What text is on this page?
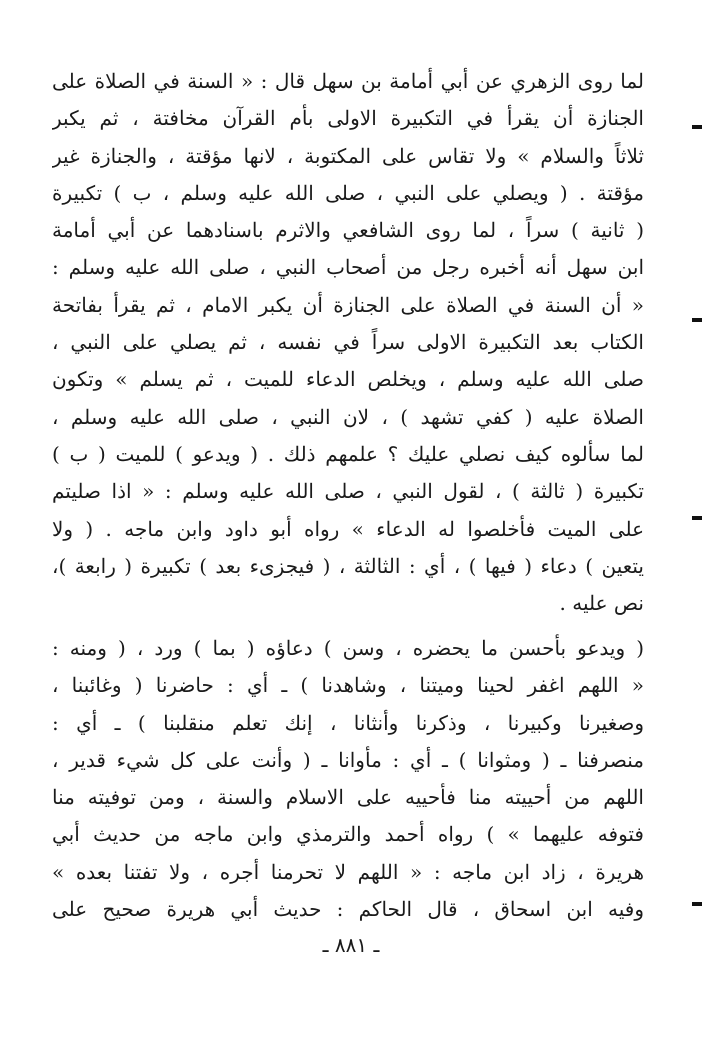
لما روى الزهري عن أبي أمامة بن سهل قال : « السنة في الصلاة على
الجنازة أن يقرأ في التكبيرة الاولى بأم القرآن مخافتة ، ثم يكبر
ثلاثاً والسلام » ولا تقاس على المكتوبة ، لانها مؤقتة ، والجنازة غير
مؤقتة . ( ويصلي على النبي ، صلى الله عليه وسلم ، ب ) تكبيرة
( ثانية ) سراً ، لما روى الشافعي والاثرم باسنادهما عن أبي أمامة
ابن سهل أنه أخبره رجل من أصحاب النبي ، صلى الله عليه وسلم :
« أن السنة في الصلاة على الجنازة أن يكبر الامام ، ثم يقرأ بفاتحة
الكتاب بعد التكبيرة الاولى سراً في نفسه ، ثم يصلي على النبي ،
صلى الله عليه وسلم ، ويخلص الدعاء للميت ، ثم يسلم » وتكون
الصلاة عليه ( كفي تشهد ) ، لان النبي ، صلى الله عليه وسلم ،
لما سألوه كيف نصلي عليك ؟ علمهم ذلك . ( ويدعو ) للميت ( ب )
تكبيرة ( ثالثة ) ، لقول النبي ، صلى الله عليه وسلم : « اذا صليتم
على الميت فأخلصوا له الدعاء » رواه أبو داود وابن ماجه . ( ولا
يتعين ) دعاء ( فيها ) ، أي : الثالثة ، ( فيجزىء بعد ) تكبيرة ( رابعة )،
نص عليه .
( ويدعو بأحسن ما يحضره ، وسن ) دعاؤه ( بما ) ورد ، ( ومنه :
« اللهم اغفر لحينا وميتنا ، وشاهدنا ) ـ أي : حاضرنا ( وغائبنا ،
وصغيرنا وكبيرنا ، وذكرنا وأنثانا ، إنك تعلم منقلبنا ) ـ أي :
منصرفنا ـ ( ومثوانا ) ـ أي : مأوانا ـ ( وأنت على كل شيء قدير ،
اللهم من أحييته منا فأحييه على الاسلام والسنة ، ومن توفيته منا
فتوفه عليهما » ) رواه أحمد والترمذي وابن ماجه من حديث أبي
هريرة ، زاد ابن ماجه : « اللهم لا تحرمنا أجره ، ولا تفتنا بعده »
وفيه ابن اسحاق ، قال الحاكم : حديث أبي هريرة صحيح على
ـ ٨٨١ ـ
